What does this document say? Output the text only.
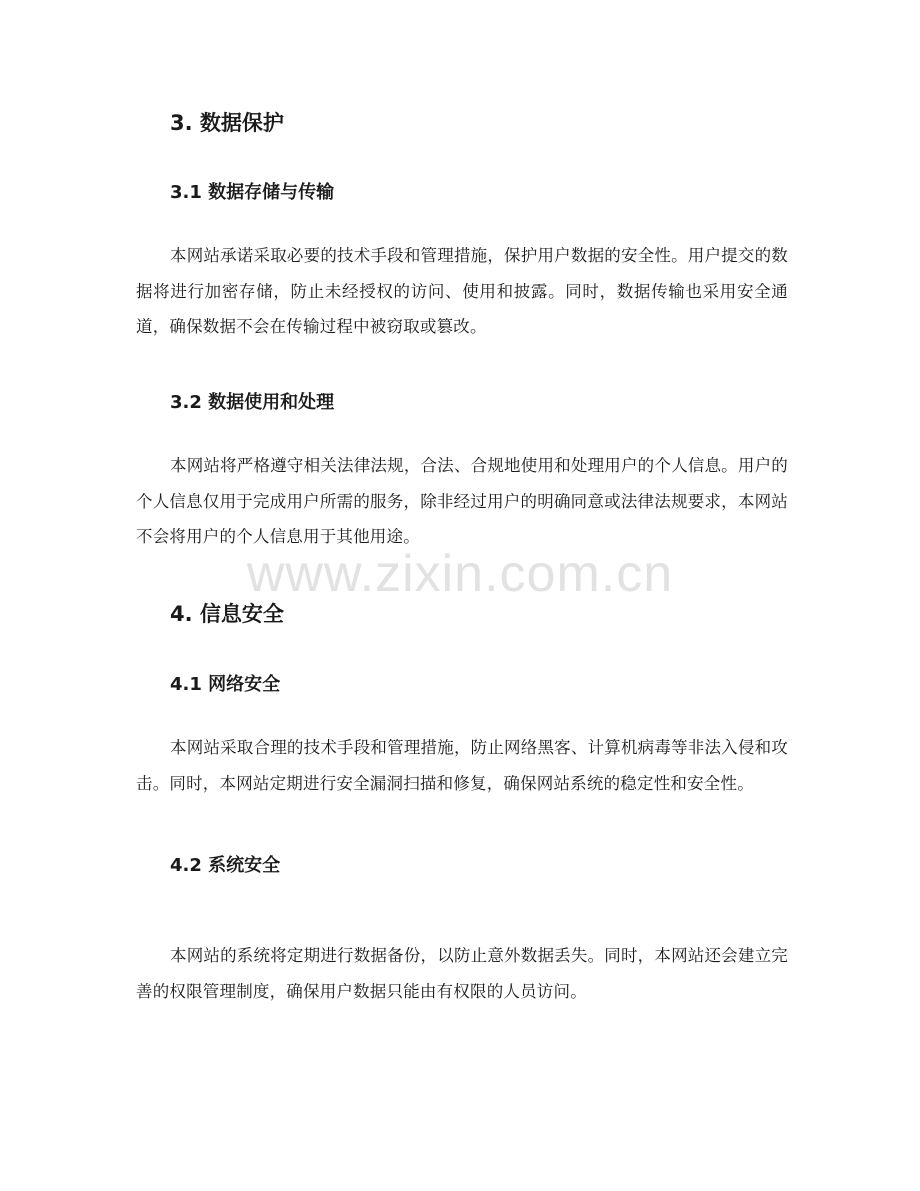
3. 数据保护
3.1 数据存储与传输

本网站承诺采取必要的技术手段和管理措施，保护用户数据的安全性。用户提交的数据将进行加密存储，防止未经授权的访问、使用和披露。同时，数据传输也采用安全通道，确保数据不会在传输过程中被窃取或篡改。

3.2 数据使用和处理

本网站将严格遵守相关法律法规，合法、合规地使用和处理用户的个人信息。用户的个人信息仅用于完成用户所需的服务，除非经过用户的明确同意或法律法规要求，本网站不会将用户的个人信息用于其他用途。

www.zixin.com.cn
4. 信息安全
4.1 网络安全

本网站采取合理的技术手段和管理措施，防止网络黑客、计算机病毒等非法入侵和攻击。同时，本网站定期进行安全漏洞扫描和修复，确保网站系统的稳定性和安全性。

4.2 系统安全

本网站的系统将定期进行数据备份，以防止意外数据丢失。同时，本网站还会建立完善的权限管理制度，确保用户数据只能由有权限的人员访问。
